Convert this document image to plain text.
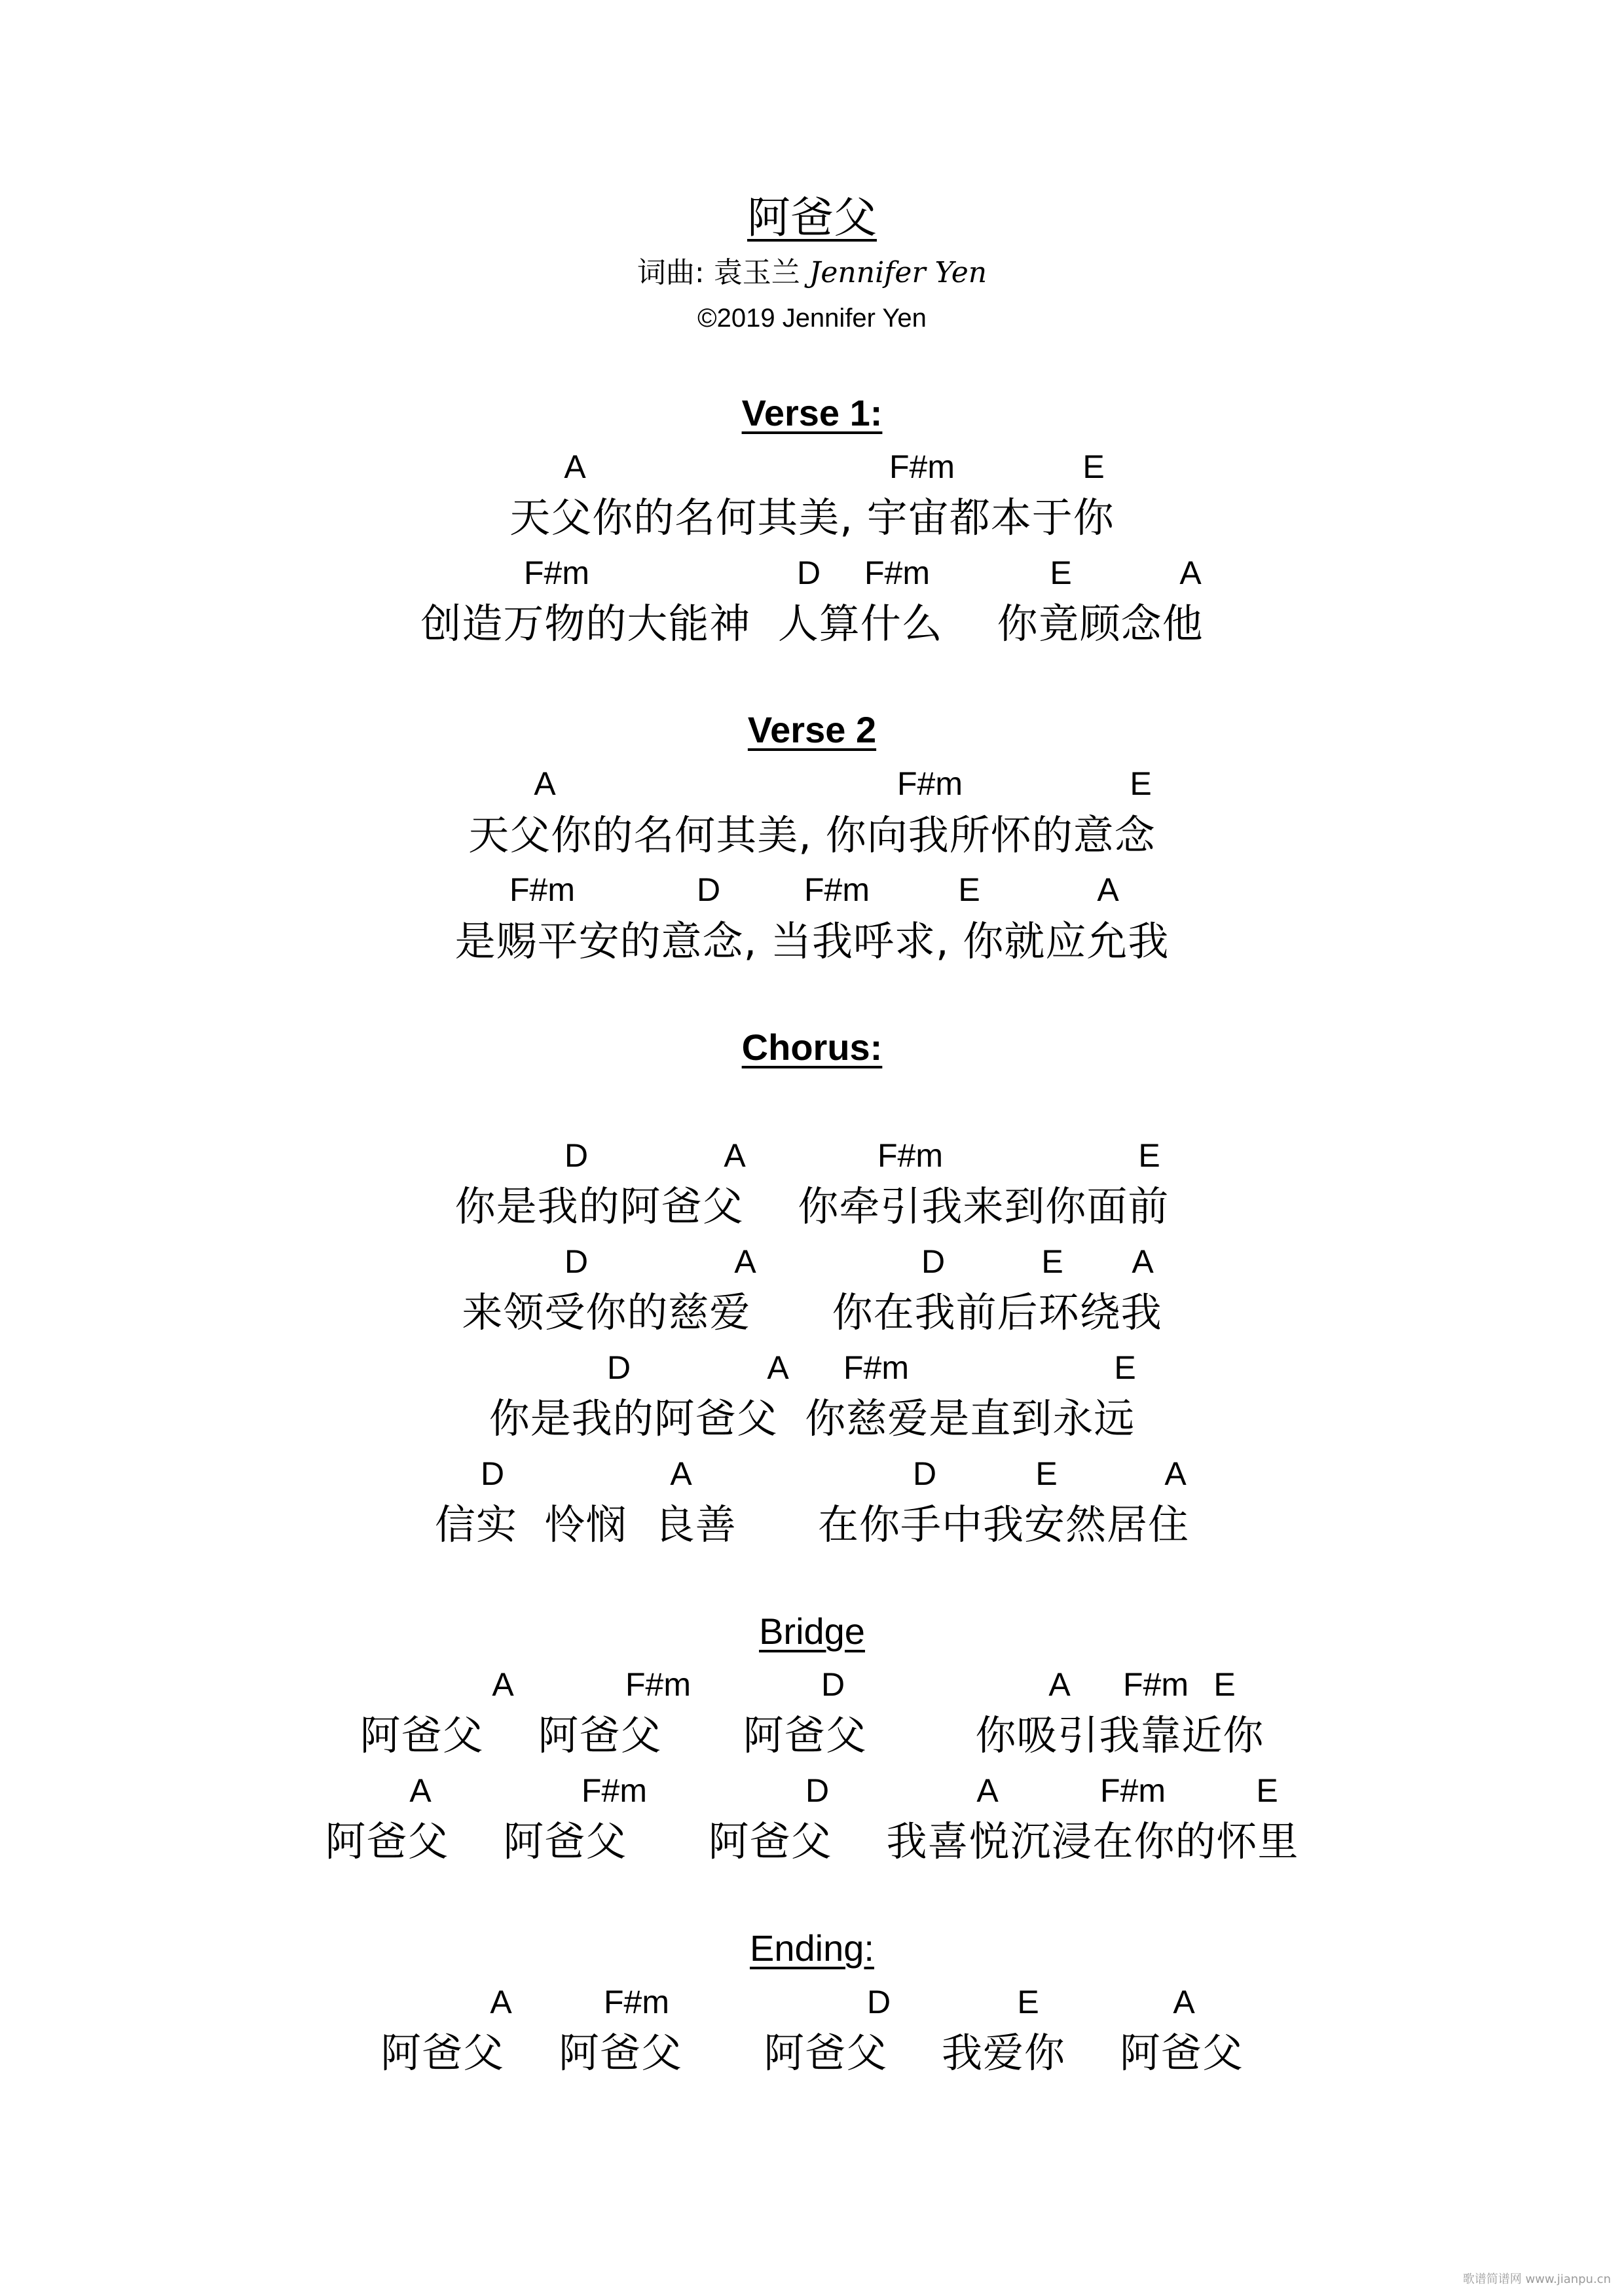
阿爸父
词曲: 袁玉兰 Jennifer Yen
©2019 Jennifer Yen
Verse 1:
A	F#m	E
天父你的名何其美, 宇宙都本于你
F#m	D F#m	E	A
创造万物的大能神  人算什么    你竟顾念他
Verse 2
A	F#m	E
天父你的名何其美, 你向我所怀的意念
F#m	D	F#m	E	A
是赐平安的意念, 当我呼求, 你就应允我
Chorus:
D	A	F#m	E
你是我的阿爸父    你牵引我来到你面前
D	A	D	E A
来领受你的慈爱      你在我前后环绕我
D	A F#m	E
你是我的阿爸父  你慈爱是直到永远
D	A	D	E	A
信实  怜悯  良善      在你手中我安然居住
Bridge
A	F#m	D	A F#m E
阿爸父    阿爸父      阿爸父        你吸引我靠近你
A	F#m	D	A	F#m	E
阿爸父    阿爸父      阿爸父    我喜悦沉浸在你的怀里
Ending:
A	F#m	D	E	A
阿爸父    阿爸父      阿爸父    我爱你    阿爸父
歌谱简谱网 www.jianpu.cn
